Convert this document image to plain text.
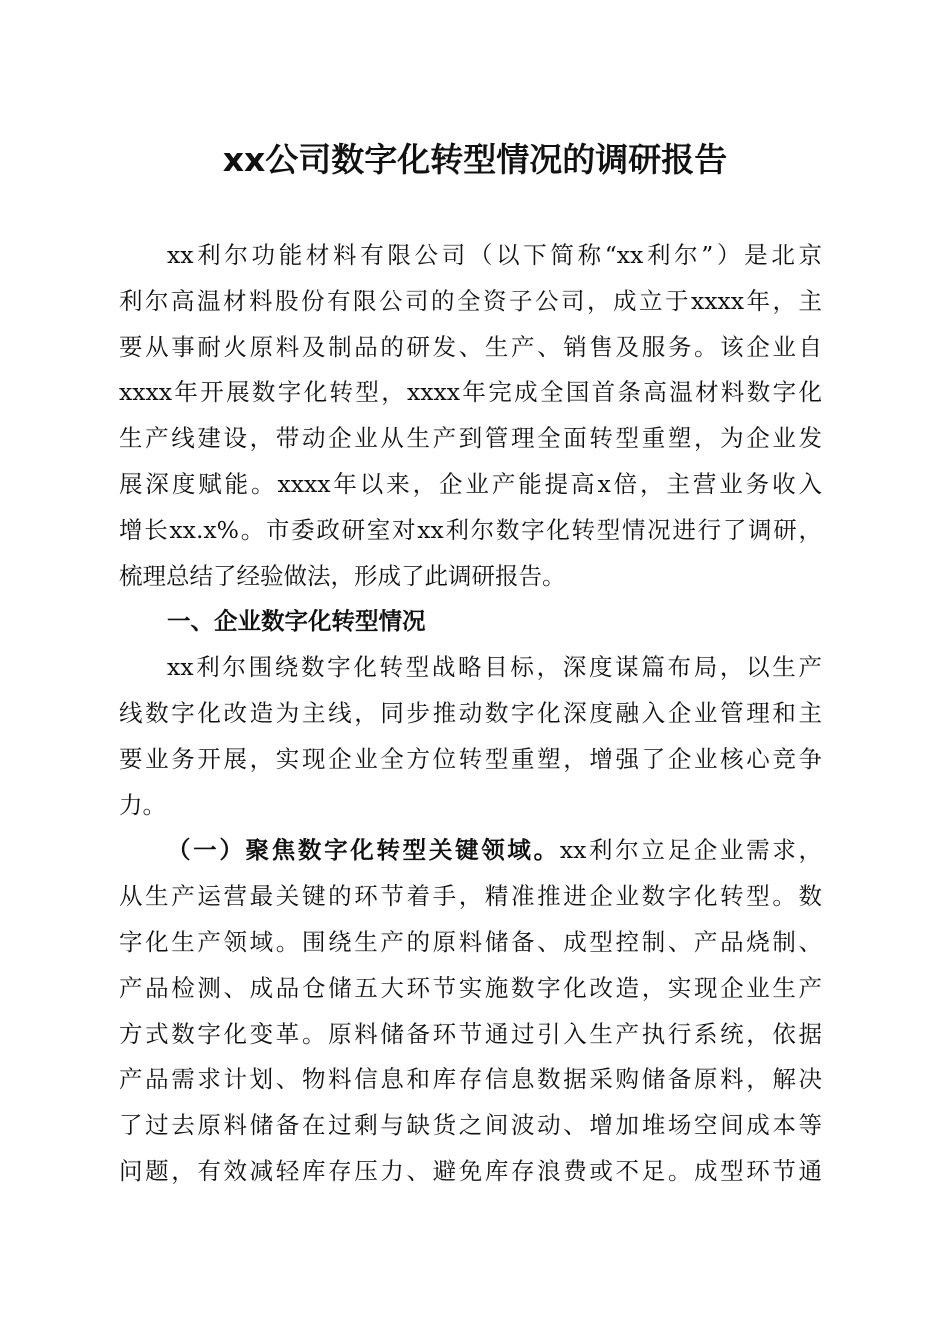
xx公司数字化转型情况的调研报告
xx利尔功能材料有限公司（以下简称“xx利尔”）是北京
利尔高温材料股份有限公司的全资子公司，成立于xxxx年，主
要从事耐火原料及制品的研发、生产、销售及服务。该企业自
xxxx年开展数字化转型，xxxx年完成全国首条高温材料数字化
生产线建设，带动企业从生产到管理全面转型重塑，为企业发
展深度赋能。xxxx年以来，企业产能提高x倍，主营业务收入
增长xx.x%。市委政研室对xx利尔数字化转型情况进行了调研，
梳理总结了经验做法，形成了此调研报告。
一、企业数字化转型情况
xx利尔围绕数字化转型战略目标，深度谋篇布局，以生产
线数字化改造为主线，同步推动数字化深度融入企业管理和主
要业务开展，实现企业全方位转型重塑，增强了企业核心竞争
力。
（一）聚焦数字化转型关键领域。xx利尔立足企业需求，
从生产运营最关键的环节着手，精准推进企业数字化转型。数
字化生产领域。围绕生产的原料储备、成型控制、产品烧制、
产品检测、成品仓储五大环节实施数字化改造，实现企业生产
方式数字化变革。原料储备环节通过引入生产执行系统，依据
产品需求计划、物料信息和库存信息数据采购储备原料，解决
了过去原料储备在过剩与缺货之间波动、增加堆场空间成本等
问题，有效减轻库存压力、避免库存浪费或不足。成型环节通
